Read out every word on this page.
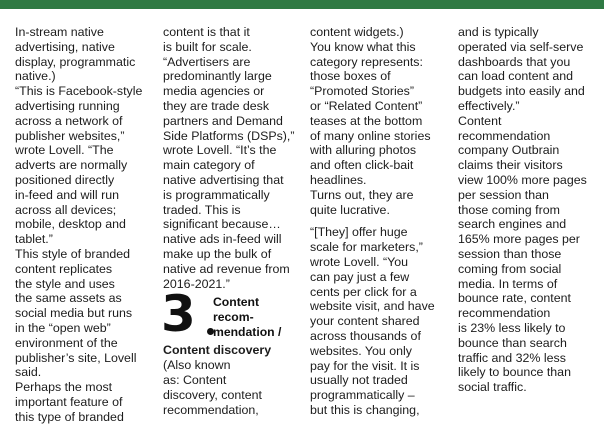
In-stream native
advertising, native
display, programmatic
native.)
“This is Facebook-style
advertising running
across a network of
publisher websites,”
wrote Lovell. “The
adverts are normally
positioned directly
in-feed and will run
across all devices;
mobile, desktop and
tablet.”
This style of branded
content replicates
the style and uses
the same assets as
social media but runs
in the “open web”
environment of the
publisher’s site, Lovell
said.
Perhaps the most
important feature of
this type of branded
content is that it
is built for scale.
“Advertisers are
predominantly large
media agencies or
they are trade desk
partners and Demand
Side Platforms (DSPs),”
wrote Lovell. “It’s the
main category of
native advertising that
is programmatically
traded. This is
significant because…
native ads in-feed will
make up the bulk of
native ad revenue from
2016-2021.”
3 Content
recom-
mendation /
Content discovery
(Also known
as: Content
discovery, content
recommendation,
content widgets.)
You know what this
category represents:
those boxes of
“Promoted Stories”
or “Related Content”
teases at the bottom
of many online stories
with alluring photos
and often click-bait
headlines.
Turns out, they are
quite lucrative.
“[They] offer huge
scale for marketers,”
wrote Lovell. “You
can pay just a few
cents per click for a
website visit, and have
your content shared
across thousands of
websites. You only
pay for the visit. It is
usually not traded
programmatically –
but this is changing,
and is typically
operated via self-serve
dashboards that you
can load content and
budgets into easily and
effectively.”
Content
recommendation
company Outbrain
claims their visitors
view 100% more pages
per session than
those coming from
search engines and
165% more pages per
session than those
coming from social
media. In terms of
bounce rate, content
recommendation
is 23% less likely to
bounce than search
traffic and 32% less
likely to bounce than
social traffic.
